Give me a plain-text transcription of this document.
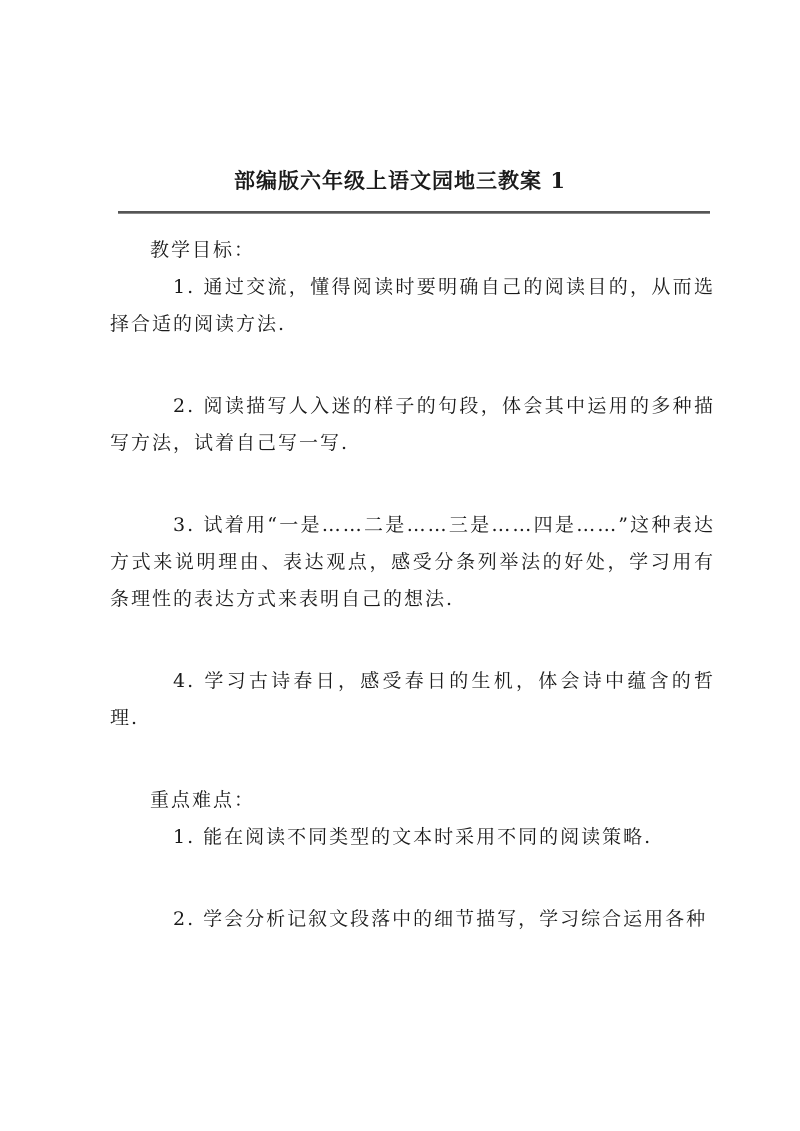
部编版六年级上语文园地三教案 1

教学目标：

1. 通过交流，懂得阅读时要明确自己的阅读目的，从而选择合适的阅读方法.

2. 阅读描写人入迷的样子的句段，体会其中运用的多种描写方法，试着自己写一写.

3. 试着用“一是……二是……三是……四是……”这种表达方式来说明理由、表达观点，感受分条列举法的好处，学习用有条理性的表达方式来表明自己的想法.

4. 学习古诗春日，感受春日的生机，体会诗中蕴含的哲理.

重点难点：

1. 能在阅读不同类型的文本时采用不同的阅读策略.

2. 学会分析记叙文段落中的细节描写，学习综合运用各种
